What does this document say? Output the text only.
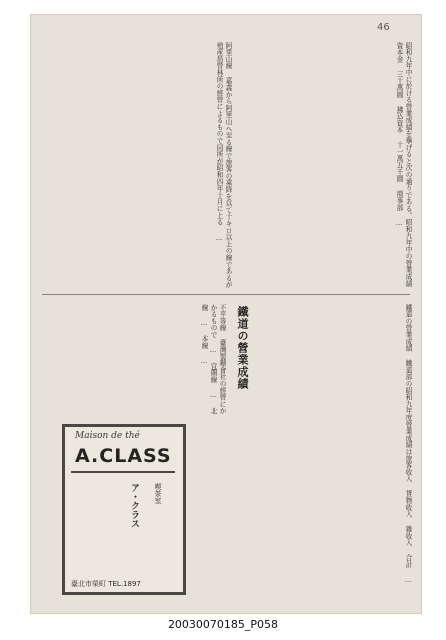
46
昭和九年中に於ける營業成績を擧げると次の通りである。昭和九年中の營業成績 資本金 三十萬圓 拂込資本 十一萬五千圓 商事部 …
阿里山線 嘉義から阿里山へ至る線で旅客の乘降を以て十キロ以上の線であるが殖産局營林所の經營によるもので同所が昭和四年十月に上る …
鐵道の營業成績 鐵道部の昭和九年度營業成績は旅客收入 貨物收入 雜收入 合計 …
鐵道の營業成績
不平等線 臺灣製糖會社の經營にかかるもので … 宜蘭線 … 北線 … 本線 …
Maison de thé
A.CLASS
喫茶室
ア・クラス
臺北市榮町 TEL.1897
20030070185_P058
